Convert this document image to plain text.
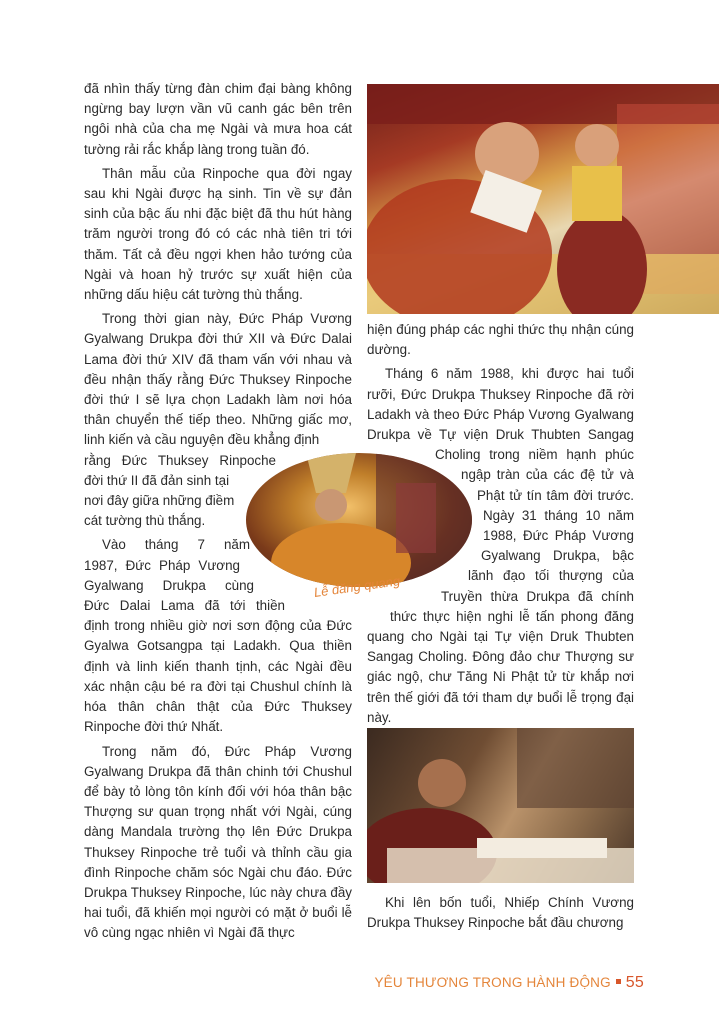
Lễ đăng quang

đã nhìn thấy từng đàn chim đại bàng không ngừng bay lượn vần vũ canh gác bên trên ngôi nhà của cha mẹ Ngài và mưa hoa cát tường rải rắc khắp làng trong tuần đó.

Thân mẫu của Rinpoche qua đời ngay sau khi Ngài được hạ sinh. Tin về sự đản sinh của bậc ấu nhi đặc biệt đã thu hút hàng trăm người trong đó có các nhà tiên tri tới thăm. Tất cả đều ngợi khen hảo tướng của Ngài và hoan hỷ trước sự xuất hiện của những dấu hiệu cát tường thù thắng.

Trong thời gian này, Đức Pháp Vương Gyalwang Drukpa đời thứ XII và Đức Dalai Lama đời thứ XIV đã tham vấn với nhau và đều nhận thấy rằng Đức Thuksey Rinpoche đời thứ I sẽ lựa chọn Ladakh làm nơi hóa thân chuyển thế tiếp theo. Những giấc mơ, linh kiến và cầu nguyện đều khẳng định

rằng Đức Thuksey Rinpoche
đời thứ II đã đản sinh tại
nơi đây giữa những điềm
cát tường thù thắng.
Vào tháng 7 năm
1987, Đức Pháp Vương
Gyalwang Drukpa cùng
Đức Dalai Lama đã tới thiền

định trong nhiều giờ nơi sơn động của Đức Gyalwa Gotsangpa tại Ladakh. Qua thiền định và linh kiến thanh tịnh, các Ngài đều xác nhận cậu bé ra đời tại Chushul chính là hóa thân chân thật của Đức Thuksey Rinpoche đời thứ Nhất.

Trong năm đó, Đức Pháp Vương Gyalwang Drukpa đã thân chinh tới Chushul để bày tỏ lòng tôn kính đối với hóa thân bậc Thượng sư quan trọng nhất với Ngài, cúng dàng Mandala trường thọ lên Đức Drukpa Thuksey Rinpoche trẻ tuổi và thỉnh cầu gia đình Rinpoche chăm sóc Ngài chu đáo. Đức Drukpa Thuksey Rinpoche, lúc này chưa đầy hai tuổi, đã khiến mọi người có mặt ở buổi lễ vô cùng ngạc nhiên vì Ngài đã thực

hiện đúng pháp các nghi thức thụ nhận cúng dường.

Tháng 6 năm 1988, khi được hai tuổi
rưỡi, Đức Drukpa Thuksey Rinpoche đã rời
Ladakh và theo Đức Pháp Vương Gyalwang
Drukpa về Tự viện Druk Thubten Sangag
Choling trong niềm hạnh phúc
ngập tràn của các đệ tử và
Phật tử tín tâm đời trước.
Ngày 31 tháng 10 năm
1988, Đức Pháp Vương
Gyalwang Drukpa, bậc
lãnh đạo tối thượng của
Truyền thừa Drukpa đã chính
thức thực hiện nghi lễ tấn phong đăng

quang cho Ngài tại Tự viện Druk Thubten Sangag Choling. Đông đảo chư Thượng sư giác ngộ, chư Tăng Ni Phật tử từ khắp nơi trên thế giới đã tới tham dự buổi lễ trọng đại này.

Khi lên bốn tuổi, Nhiếp Chính Vương Drukpa Thuksey Rinpoche bắt đầu chương

YÊU THƯƠNG TRONG HÀNH ĐỘNG 55
